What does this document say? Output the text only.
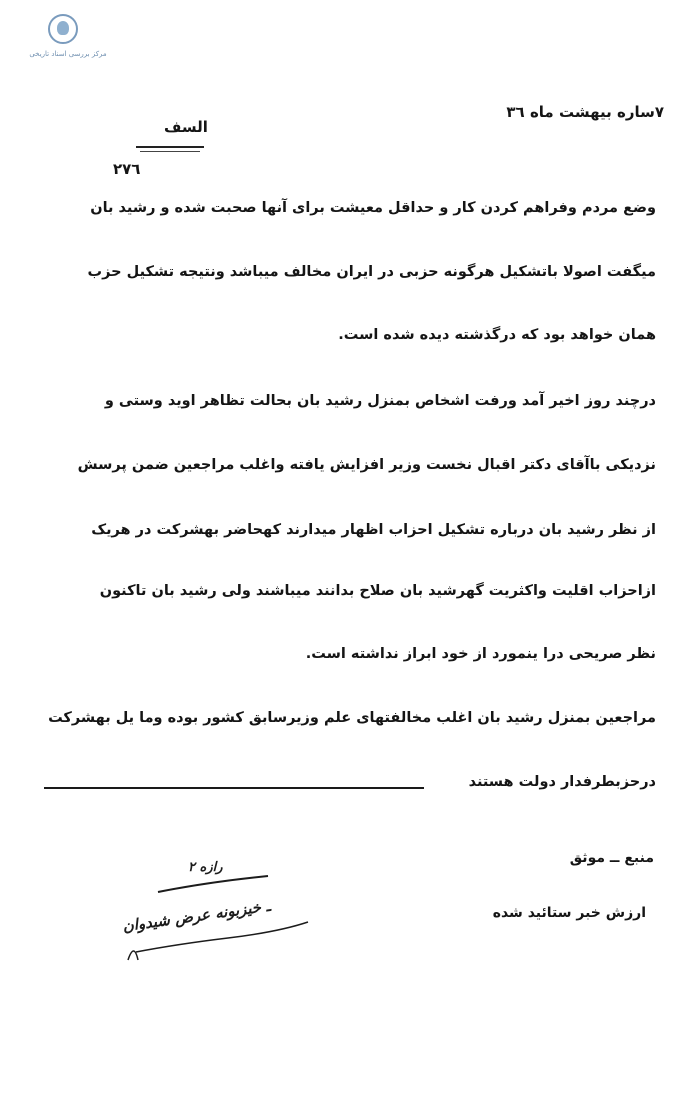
مرکز بررسی اسناد تاریخی
۷ساره بیهشت ماه ۳٦
السف
۲۷٦
وضع مردم وفراهم کردن کار و حداقل معیشت برای آنها صحبت شده و رشید بان
میگفت اصولا باتشکیل هرگونه حزبی در ایران مخالف میباشد ونتیجه تشکیل حزب
همان خواهد بود که درگذشته دیده شده است.
درچند روز اخیر آمد ورفت اشخاص بمنزل رشید بان بحالت تظاهر اوید وستی و
نزدیکی باآقای دکتر اقبال نخست وزیر افزایش یافته واغلب مراجعین ضمن پرسش
از نظر رشید بان درباره تشکیل احزاب اظهار میدارند کهحاضر بهشرکت در هریک
ازاحزاب اقلیت واکثریت گهرشید بان صلاح بدانند میباشند ولی رشید بان تاکنون
نظر صریحی درا ینمورد از خود ابراز نداشته است.
مراجعین بمنزل رشید بان اغلب مخالفتهای علم وزیرسابق کشور بوده وما یل بهشرکت
درحزبطرفدار دولت هستند
منبع ــ موثق
ارزش خبر ستائید شده
رازه ٢
ـ خیزبونه عرض شیدوان
